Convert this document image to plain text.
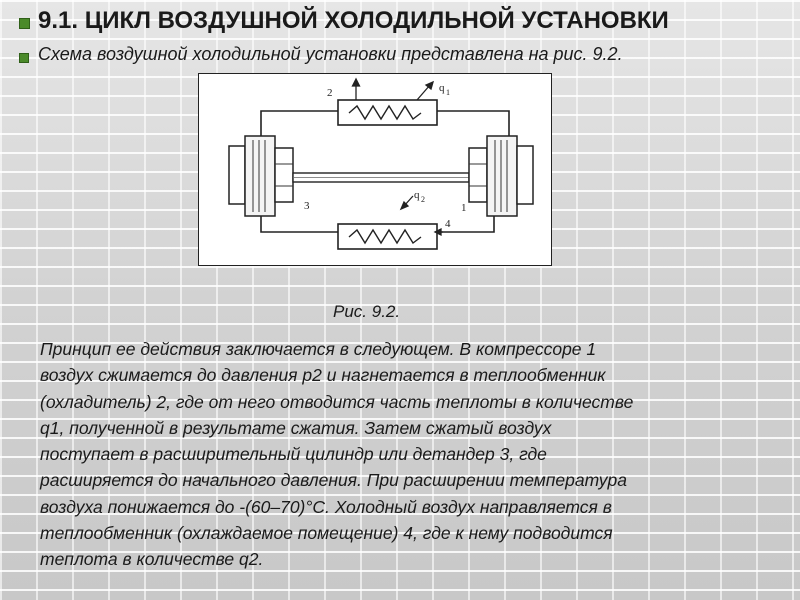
9.1. ЦИКЛ ВОЗДУШНОЙ ХОЛОДИЛЬНОЙ УСТАНОВКИ

Схема воздушной холодильной установки представлена на рис. 9.2.

2	q 1
3
q 2
1
4

Рис. 9.2.

Принцип ее действия заключается в следующем. В компрессоре 1
воздух сжимается до давления p2 и нагнетается в теплообменник
(охладитель) 2, где от него отводится часть теплоты в количестве
q1, полученной в результате сжатия. Затем сжатый воздух
поступает в расширительный цилиндр или детандер 3, где
расширяется до начального давления. При расширении температура
воздуха понижается до -(60–70)°С. Холодный воздух направляется в
теплообменник (охлаждаемое помещение) 4, где к нему подводится
теплота в количестве q2.
